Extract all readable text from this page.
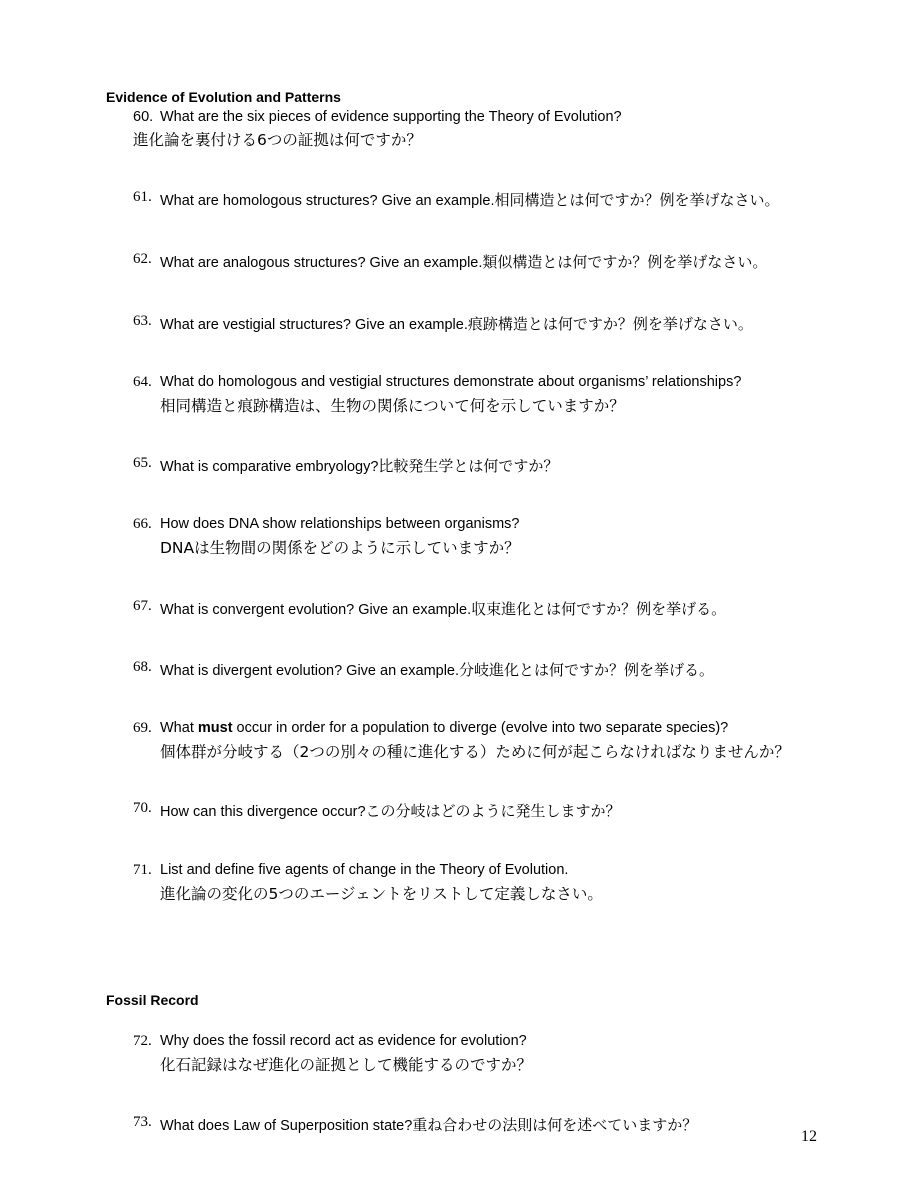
Evidence of Evolution and Patterns
60. What are the six pieces of evidence supporting the Theory of Evolution?
進化論を裏付ける6つの証拠は何ですか？
61. What are homologous structures? Give an example.相同構造とは何ですか？例を挙げなさい。
62. What are analogous structures? Give an example.類似構造とは何ですか？例を挙げなさい。
63. What are vestigial structures? Give an example.痕跡構造とは何ですか？例を挙げなさい。
64. What do homologous and vestigial structures demonstrate about organisms’ relationships?
相同構造と痕跡構造は、生物の関係について何を示していますか？
65. What is comparative embryology?比較発生学とは何ですか？
66. How does DNA show relationships between organisms?
DNAは生物間の関係をどのように示していますか？
67. What is convergent evolution? Give an example.収束進化とは何ですか？例を挙げる。
68. What is divergent evolution? Give an example.分岐進化とは何ですか？例を挙げる。
69. What must occur in order for a population to diverge (evolve into two separate species)?
個体群が分岐する（2つの別々の種に進化する）ために何が起こらなければなりませんか？
70. How can this divergence occur?この分岐はどのように発生しますか？
71. List and define five agents of change in the Theory of Evolution.
進化論の変化の5つのエージェントをリストして定義しなさい。
Fossil Record
72. Why does the fossil record act as evidence for evolution?
化石記録はなぜ進化の証拠として機能するのですか？
73. What does Law of Superposition state?重ね合わせの法則は何を述べていますか？
12
